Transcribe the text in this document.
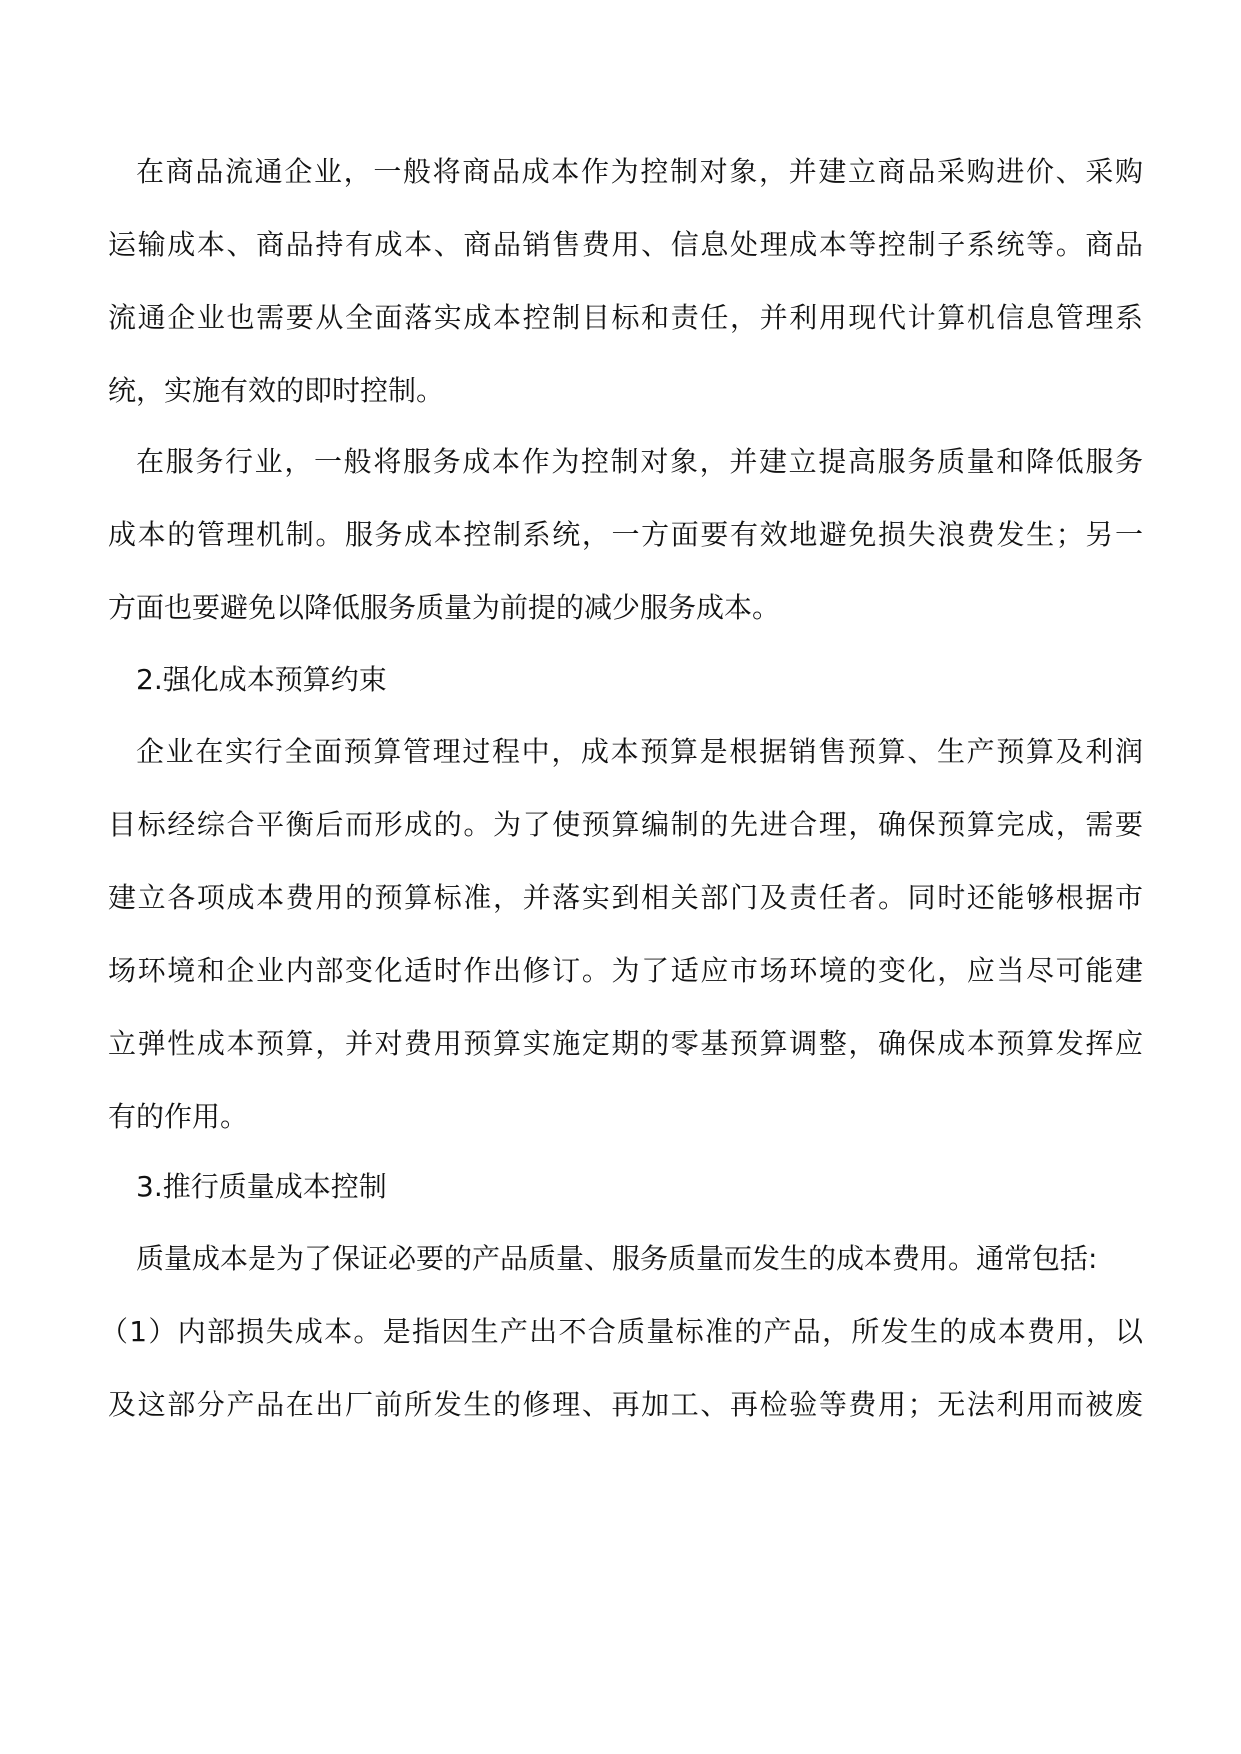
在商品流通企业，一般将商品成本作为控制对象，并建立商品采购进价、采购
运输成本、商品持有成本、商品销售费用、信息处理成本等控制子系统等。商品
流通企业也需要从全面落实成本控制目标和责任，并利用现代计算机信息管理系
统，实施有效的即时控制。
在服务行业，一般将服务成本作为控制对象，并建立提高服务质量和降低服务
成本的管理机制。服务成本控制系统，一方面要有效地避免损失浪费发生；另一
方面也要避免以降低服务质量为前提的减少服务成本。
2.强化成本预算约束
企业在实行全面预算管理过程中，成本预算是根据销售预算、生产预算及利润
目标经综合平衡后而形成的。为了使预算编制的先进合理，确保预算完成，需要
建立各项成本费用的预算标准，并落实到相关部门及责任者。同时还能够根据市
场环境和企业内部变化适时作出修订。为了适应市场环境的变化，应当尽可能建
立弹性成本预算，并对费用预算实施定期的零基预算调整，确保成本预算发挥应
有的作用。
3.推行质量成本控制
质量成本是为了保证必要的产品质量、服务质量而发生的成本费用。通常包括:
（1）内部损失成本。是指因生产出不合质量标准的产品，所发生的成本费用，以
及这部分产品在出厂前所发生的修理、再加工、再检验等费用；无法利用而被废
